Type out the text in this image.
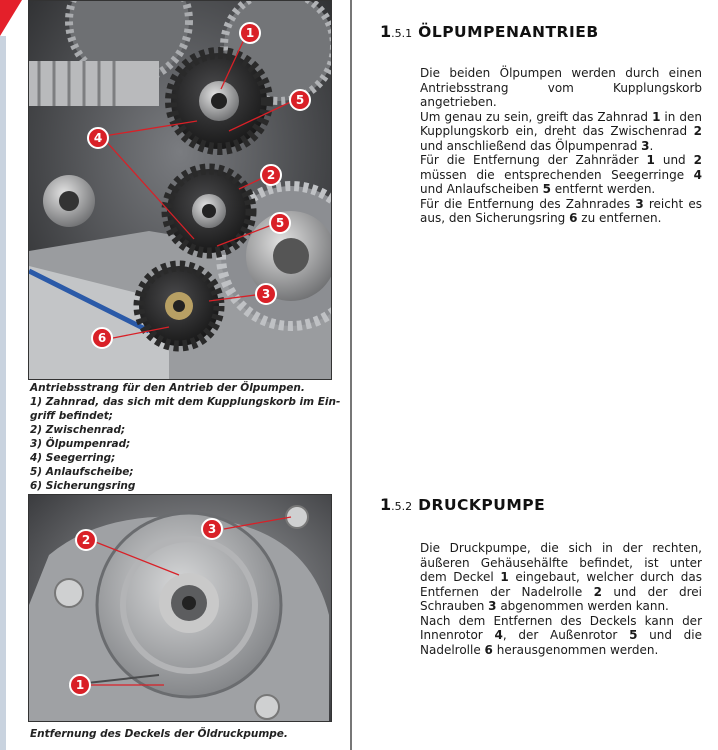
1
5
4
2
5
3
6
Antriebsstrang für den Antrieb der Ölpumpen.
1) Zahnrad, das sich mit dem Kupplungskorb im Ein-
griff befindet;
2) Zwischenrad;
3) Ölpumpenrad;
4) Seegerring;
5) Anlaufscheibe;
6) Sicherungsring
3
2
1
Entfernung des Deckels der Öldruckpumpe.
1.5.1 ÖLPUMPENANTRIEB

Die beiden Ölpumpen werden durch einen Antriebsstrang vom Kupplungskorb angetrieben.

Um genau zu sein, greift das Zahnrad 1 in den Kupplungskorb ein, dreht das Zwischenrad 2 und anschließend das Ölpumpenrad 3.

Für die Entfernung der Zahnräder 1 und 2 müssen die entsprechenden Seegerringe 4 und Anlaufscheiben 5 entfernt werden.

Für die Entfernung des Zahnrades 3 reicht es aus, den Sicherungsring 6 zu entfernen.

1.5.2 DRUCKPUMPE

Die Druckpumpe, die sich in der rechten, äußeren Gehäusehälfte befindet, ist unter dem Deckel 1 eingebaut, welcher durch das Entfernen der Nadelrolle 2 und der drei Schrauben 3 abgenommen werden kann.

Nach dem Entfernen des Deckels kann der Innenrotor 4, der Außenrotor 5 und die Nadelrolle 6 herausgenommen werden.
